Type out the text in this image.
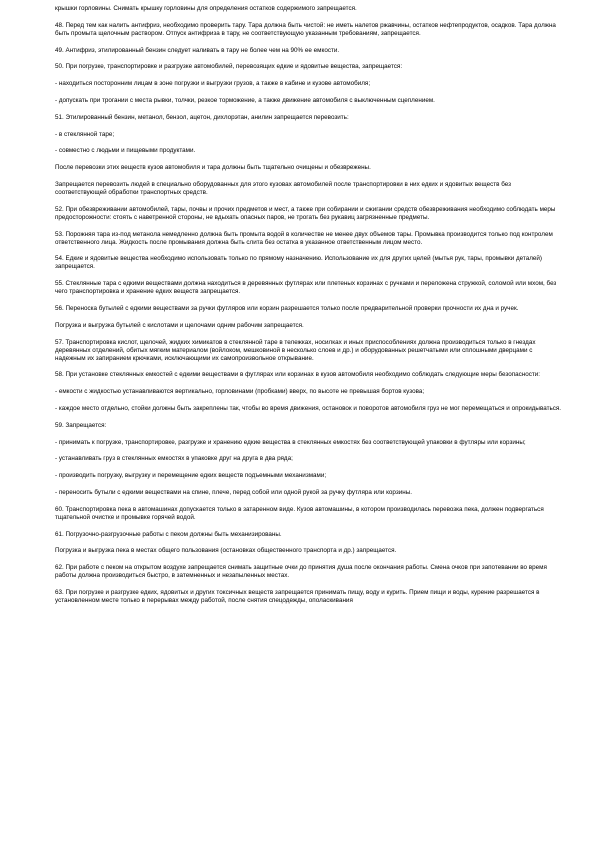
крышки горловины. Снимать крышку горловины для определения остатков содержимого запрещается.

48. Перед тем как налить антифриз, необходимо проверить тару. Тара должна быть чистой: не иметь налетов ржавчины, остатков нефтепродуктов, осадков. Тара должна быть промыта щелочным раствором. Отпуск антифриза в тару, не соответствующую указанным требованиям, запрещается.

49. Антифриз, этилированный бензин следует наливать в тару не более чем на 90% ее емкости.

50. При погрузке, транспортировке и разгрузке автомобилей, перевозящих едкие и ядовитые вещества, запрещается:

- находиться посторонним лицам в зоне погрузки и выгрузки грузов, а также в кабине и кузове автомобиля;

- допускать при трогании с места рывки, толчки, резкое торможение, а также движение автомобиля с выключенным сцеплением.

51. Этилированный бензин, метанол, бензол, ацетон, дихлорэтан, анилин запрещается перевозить:

- в стеклянной таре;

- совместно с людьми и пищевыми продуктами.

После перевозки этих веществ кузов автомобиля и тара должны быть тщательно очищены и обезврежены.

Запрещается перевозить людей в специально оборудованных для этого кузовах автомобилей после транспортировки в них едких и ядовитых веществ без соответствующей обработки транспортных средств.

52. При обезвреживании автомобилей, тары, почвы и прочих предметов и мест, а также при собирании и сжигании средств обезвреживания необходимо соблюдать меры предосторожности: стоять с наветренной стороны, не вдыхать опасных паров, не трогать без рукавиц загрязненные предметы.

53. Порожняя тара из-под метанола немедленно должна быть промыта водой в количестве не менее двух объемов тары. Промывка производится только под контролем ответственного лица. Жидкость после промывания должна быть слита без остатка в указанное ответственным лицом место.

54. Едкие и ядовитые вещества необходимо использовать только по прямому назначению. Использование их для других целей (мытья рук, тары, промывки деталей) запрещается.

55. Стеклянные тара с едкими веществами должна находиться в деревянных футлярах или плетеных корзинах с ручками и переложена стружкой, соломой или мхом, без чего транспортировка и хранение едких веществ запрещается.

56. Переноска бутылей с едкими веществами за ручки футляров или корзин разрешается только после предварительной проверки прочности их дна и ручек.

Погрузка и выгрузка бутылей с кислотами и щелочами одним рабочим запрещается.

57. Транспортировка кислот, щелочей, жидких химикатов в стеклянной таре в тележках, носилках и иных приспособлениях должна производиться только в гнездах деревянных отделений, обитых мягким материалом (войлоком, мешковиной в несколько слоев и др.) и оборудованных решетчатыми или сплошными дверцами с надежным их запиранием крючками, исключающими их самопроизвольное открывание.

58. При установке стеклянных емкостей с едкими веществами в футлярах или корзинах в кузов автомобиля необходимо соблюдать следующие меры безопасности:

- емкости с жидкостью устанавливаются вертикально, горловинами (пробками) вверх, по высоте не превышая бортов кузова;

- каждое место отдельно, стойки должны быть закреплены так, чтобы во время движения, остановок и поворотов автомобиля груз не мог перемещаться и опрокидываться.

59. Запрещается:

- принимать к погрузке, транспортировке, разгрузке и хранению едкие вещества в стеклянных емкостях без соответствующей упаковки в футляры или корзины;

- устанавливать груз в стеклянных емкостях в упаковке друг на друга в два ряда;

- производить погрузку, выгрузку и перемещение едких веществ подъемными механизмами;

- переносить бутыли с едкими веществами на спине, плече, перед собой или одной рукой за ручку футляра или корзины.

60. Транспортировка пека в автомашинах допускается только в затаренном виде. Кузов автомашины, в котором производилась перевозка пека, должен подвергаться тщательной очистке и промывке горячей водой.

61. Погрузочно-разгрузочные работы с пеком должны быть механизированы.

Погрузка и выгрузка пека в местах общего пользования (остановках общественного транспорта и др.) запрещается.

62. При работе с пеком на открытом воздухе запрещается снимать защитные очки до принятия душа после окончания работы. Смена очков при запотевании во время работы должна производиться быстро, в затемненных и незапыленных местах.

63. При погрузке и разгрузке едких, ядовитых и других токсичных веществ запрещается принимать пищу, воду и курить. Прием пищи и воды, курение разрешается в установленном месте только в перерывах между работой, после снятия спецодежды, ополаскивания
